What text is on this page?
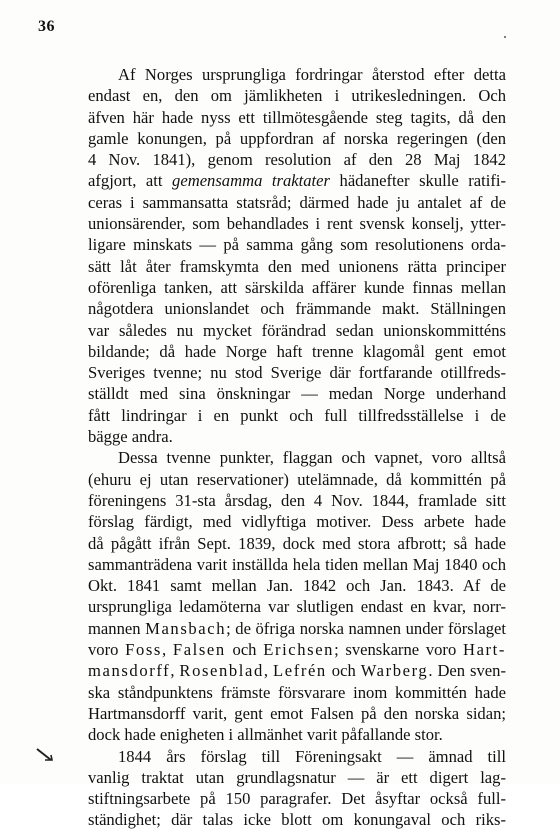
36
Af Norges ursprungliga fordringar återstod efter detta
endast en, den om jämlikheten i utrikesledningen. Och
äfven här hade nyss ett tillmötesgående steg tagits, då den
gamle konungen, på uppfordran af norska regeringen (den
4 Nov. 1841), genom resolution af den 28 Maj 1842
afgjort, att gemensamma traktater hädanefter skulle ratifi-
ceras i sammansatta statsråd; därmed hade ju antalet af de
unionsärender, som behandlades i rent svensk konselj, ytter-
ligare minskats — på samma gång som resolutionens orda-
sätt låt åter framskymta den med unionens rätta principer
oförenliga tanken, att särskilda affärer kunde finnas mellan
någotdera unionslandet och främmande makt. Ställningen
var således nu mycket förändrad sedan unionskommitténs
bildande; då hade Norge haft trenne klagomål gent emot
Sveriges tvenne; nu stod Sverige där fortfarande otillfreds-
ställdt med sina önskningar — medan Norge underhand
fått lindringar i en punkt och full tillfredsställelse i de
bägge andra.
Dessa tvenne punkter, flaggan och vapnet, voro alltså
(ehuru ej utan reservationer) utelämnade, då kommittén på
föreningens 31-sta årsdag, den 4 Nov. 1844, framlade sitt
förslag färdigt, med vidlyftiga motiver. Dess arbete hade
då pågått ifrån Sept. 1839, dock med stora afbrott; så hade
sammanträdena varit inställda hela tiden mellan Maj 1840 och
Okt. 1841 samt mellan Jan. 1842 och Jan. 1843. Af de
ursprungliga ledamöterna var slutligen endast en kvar, norr-
mannen Mansbach; de öfriga norska namnen under förslaget
voro Foss, Falsen och Erichsen; svenskarne voro Hart-
mansdorff, Rosenblad, Lefrén och Warberg. Den sven-
ska ståndpunktens främste försvarare inom kommittén hade
Hartmansdorff varit, gent emot Falsen på den norska sidan;
dock hade enigheten i allmänhet varit påfallande stor.
1844 års förslag till Föreningsakt — ämnad till
vanlig traktat utan grundlagsnatur — är ett digert lag-
stiftningsarbete på 150 paragrafer. Det åsyftar också full-
ständighet; där talas icke blott om konungaval och riks-
